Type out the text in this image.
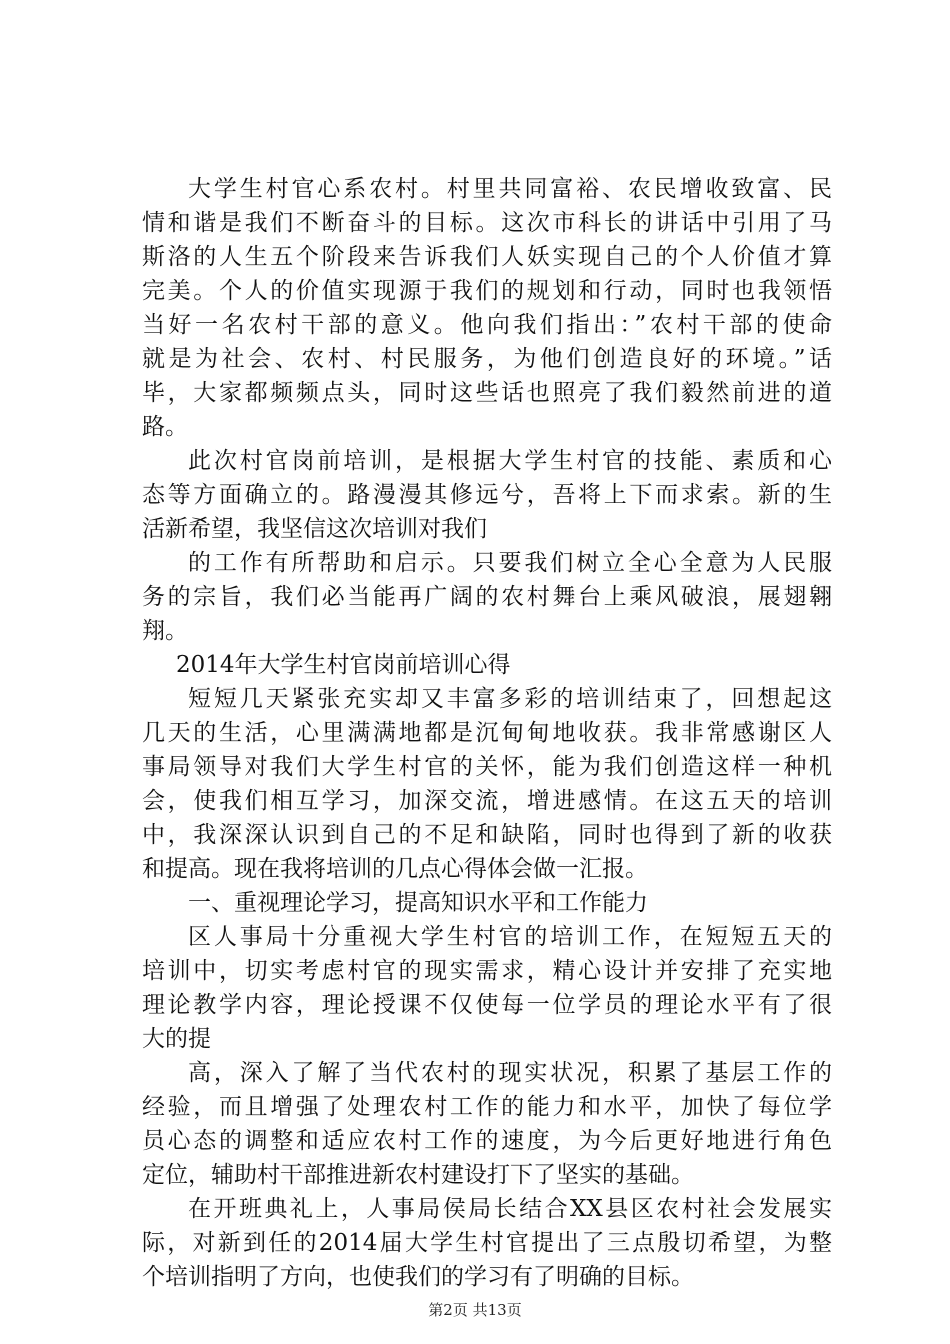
大学生村官心系农村。村里共同富裕、农民增收致富、民
情和谐是我们不断奋斗的目标。这次市科长的讲话中引用了马
斯洛的人生五个阶段来告诉我们人妖实现自己的个人价值才算
完美。个人的价值实现源于我们的规划和行动，同时也我领悟
当好一名农村干部的意义。他向我们指出：”农村干部的使命
就是为社会、农村、村民服务，为他们创造良好的环境。”话
毕，大家都频频点头，同时这些话也照亮了我们毅然前进的道
路。
此次村官岗前培训，是根据大学生村官的技能、素质和心
态等方面确立的。路漫漫其修远兮，吾将上下而求索。新的生
活新希望，我坚信这次培训对我们
的工作有所帮助和启示。只要我们树立全心全意为人民服
务的宗旨，我们必当能再广阔的农村舞台上乘风破浪，展翅翱
翔。
2014年大学生村官岗前培训心得
短短几天紧张充实却又丰富多彩的培训结束了，回想起这
几天的生活，心里满满地都是沉甸甸地收获。我非常感谢区人
事局领导对我们大学生村官的关怀，能为我们创造这样一种机
会，使我们相互学习，加深交流，增进感情。在这五天的培训
中，我深深认识到自己的不足和缺陷，同时也得到了新的收获
和提高。现在我将培训的几点心得体会做一汇报。
一、重视理论学习，提高知识水平和工作能力
区人事局十分重视大学生村官的培训工作，在短短五天的
培训中，切实考虑村官的现实需求，精心设计并安排了充实地
理论教学内容，理论授课不仅使每一位学员的理论水平有了很
大的提
高，深入了解了当代农村的现实状况，积累了基层工作的
经验，而且增强了处理农村工作的能力和水平，加快了每位学
员心态的调整和适应农村工作的速度，为今后更好地进行角色
定位，辅助村干部推进新农村建设打下了坚实的基础。
在开班典礼上，人事局侯局长结合XX县区农村社会发展实
际，对新到任的2014届大学生村官提出了三点殷切希望，为整
个培训指明了方向，也使我们的学习有了明确的目标。
第2页 共13页
